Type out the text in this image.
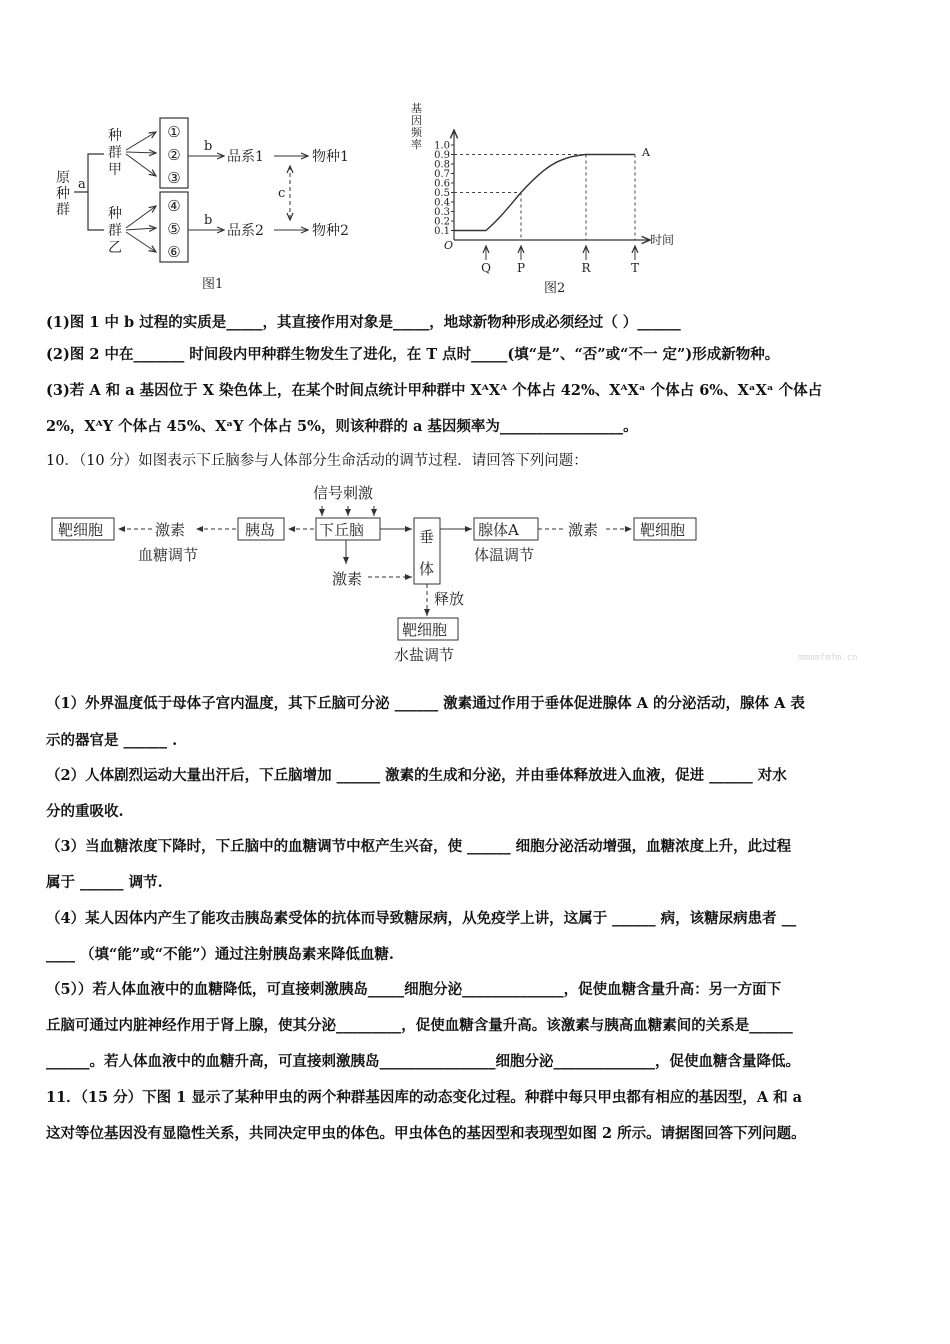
原
种
群
a
种
群
甲
种
群
乙
①
②
③
④
⑤
⑥
b
b
品系1
品系2
物种1
物种2
c
图1
基
因
频
率
0.1
0.2
0.3
0.4
0.5
0.6
0.7
0.8
0.9
1.0
Q P	R	T
O	时间
A
图2
(1)图 1 中 b 过程的实质是_____，其直接作用对象是_____，地球新物种形成必须经过（ ）______
(2)图 2 中在_______ 时间段内甲种群生物发生了进化，在 T 点时_____(填“是”、“否”或“不一 定”)形成新物种。
(3)若 A 和 a 基因位于 X 染色体上，在某个时间点统计甲种群中 XᴬXᴬ 个体占 42%、XᴬXᵃ 个体占 6%、XᵃXᵃ 个体占
2%，XᴬY 个体占 45%、XᵃY 个体占 5%，则该种群的 a 基因频率为_________________。
10．（10 分）如图表示下丘脑参与人体部分生命活动的调节过程．请回答下列问题：
靶细胞	激素	胰岛	下丘脑
信号刺激
垂
体
腺体A	激素	靶细胞
激素
释放
靶细胞
血糖调节	体温调节
水盐调节	mmmmfmfm.cn
（1）外界温度低于母体子宫内温度，其下丘脑可分泌 ______ 激素通过作用于垂体促进腺体 A 的分泌活动，腺体 A 表
示的器官是 ______ .
（2）人体剧烈运动大量出汗后，下丘脑增加 ______ 激素的生成和分泌，并由垂体释放进入血液，促进 ______ 对水
分的重吸收.
（3）当血糖浓度下降时，下丘脑中的血糖调节中枢产生兴奋，使 ______ 细胞分泌活动增强，血糖浓度上升，此过程
属于 ______ 调节.
（4）某人因体内产生了能攻击胰岛素受体的抗体而导致糖尿病，从免疫学上讲，这属于 ______ 病，该糖尿病患者 __
____ （填“能”或“不能”）通过注射胰岛素来降低血糖.
（5））若人体血液中的血糖降低，可直接刺激胰岛_____细胞分泌______________，促使血糖含量升高：另一方面下
丘脑可通过内脏神经作用于肾上腺，使其分泌_________，促使血糖含量升高。该激素与胰高血糖素间的关系是______
______。若人体血液中的血糖升高，可直接刺激胰岛________________细胞分泌______________，促使血糖含量降低。
11．（15 分）下图 1 显示了某种甲虫的两个种群基因库的动态变化过程。种群中每只甲虫都有相应的基因型，A 和 a
这对等位基因没有显隐性关系，共同决定甲虫的体色。甲虫体色的基因型和表现型如图 2 所示。请据图回答下列问题。
